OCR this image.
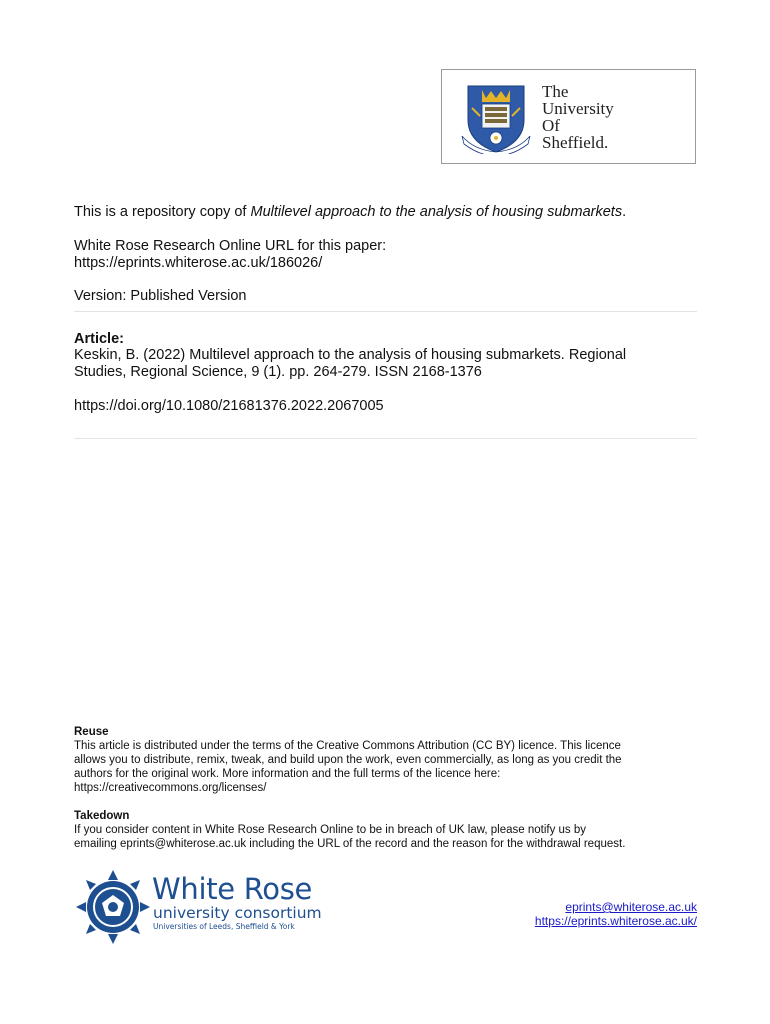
The
University
Of
Sheffield.
This is a repository copy of Multilevel approach to the analysis of housing submarkets.
White Rose Research Online URL for this paper:
https://eprints.whiterose.ac.uk/186026/
Version: Published Version
Article:
Keskin, B. (2022) Multilevel approach to the analysis of housing submarkets. Regional
Studies, Regional Science, 9 (1). pp. 264-279. ISSN 2168-1376
https://doi.org/10.1080/21681376.2022.2067005
Reuse
This article is distributed under the terms of the Creative Commons Attribution (CC BY) licence. This licence
allows you to distribute, remix, tweak, and build upon the work, even commercially, as long as you credit the
authors for the original work. More information and the full terms of the licence here:
https://creativecommons.org/licenses/
Takedown
If you consider content in White Rose Research Online to be in breach of UK law, please notify us by
emailing eprints@whiterose.ac.uk including the URL of the record and the reason for the withdrawal request.
White Rose
university consortium
Universities of Leeds, Sheffield & York
eprints@whiterose.ac.uk
https://eprints.whiterose.ac.uk/
